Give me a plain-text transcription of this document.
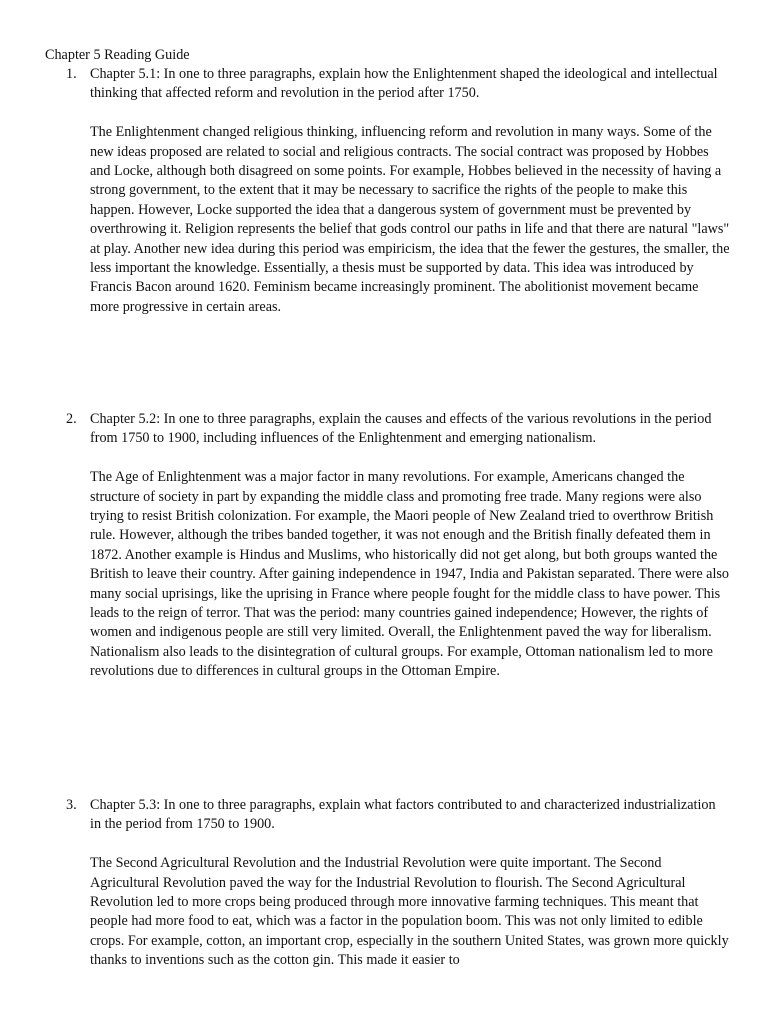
Chapter 5 Reading Guide
1. Chapter 5.1: In one to three paragraphs, explain how the Enlightenment shaped the ideological and intellectual thinking that affected reform and revolution in the period after 1750.
The Enlightenment changed religious thinking, influencing reform and revolution in many ways. Some of the new ideas proposed are related to social and religious contracts. The social contract was proposed by Hobbes and Locke, although both disagreed on some points. For example, Hobbes believed in the necessity of having a strong government, to the extent that it may be necessary to sacrifice the rights of the people to make this happen. However, Locke supported the idea that a dangerous system of government must be prevented by overthrowing it. Religion represents the belief that gods control our paths in life and that there are natural "laws" at play. Another new idea during this period was empiricism, the idea that the fewer the gestures, the smaller, the less important the knowledge. Essentially, a thesis must be supported by data. This idea was introduced by Francis Bacon around 1620. Feminism became increasingly prominent. The abolitionist movement became more progressive in certain areas.
2. Chapter 5.2: In one to three paragraphs, explain the causes and effects of the various revolutions in the period from 1750 to 1900, including influences of the Enlightenment and emerging nationalism.
The Age of Enlightenment was a major factor in many revolutions. For example, Americans changed the structure of society in part by expanding the middle class and promoting free trade. Many regions were also trying to resist British colonization. For example, the Maori people of New Zealand tried to overthrow British rule. However, although the tribes banded together, it was not enough and the British finally defeated them in 1872. Another example is Hindus and Muslims, who historically did not get along, but both groups wanted the British to leave their country. After gaining independence in 1947, India and Pakistan separated. There were also many social uprisings, like the uprising in France where people fought for the middle class to have power. This leads to the reign of terror. That was the period: many countries gained independence; However, the rights of women and indigenous people are still very limited. Overall, the Enlightenment paved the way for liberalism. Nationalism also leads to the disintegration of cultural groups. For example, Ottoman nationalism led to more revolutions due to differences in cultural groups in the Ottoman Empire.
3. Chapter 5.3: In one to three paragraphs, explain what factors contributed to and characterized industrialization in the period from 1750 to 1900.
The Second Agricultural Revolution and the Industrial Revolution were quite important. The Second Agricultural Revolution paved the way for the Industrial Revolution to flourish. The Second Agricultural Revolution led to more crops being produced through more innovative farming techniques. This meant that people had more food to eat, which was a factor in the population boom. This was not only limited to edible crops. For example, cotton, an important crop, especially in the southern United States, was grown more quickly thanks to inventions such as the cotton gin. This made it easier to
